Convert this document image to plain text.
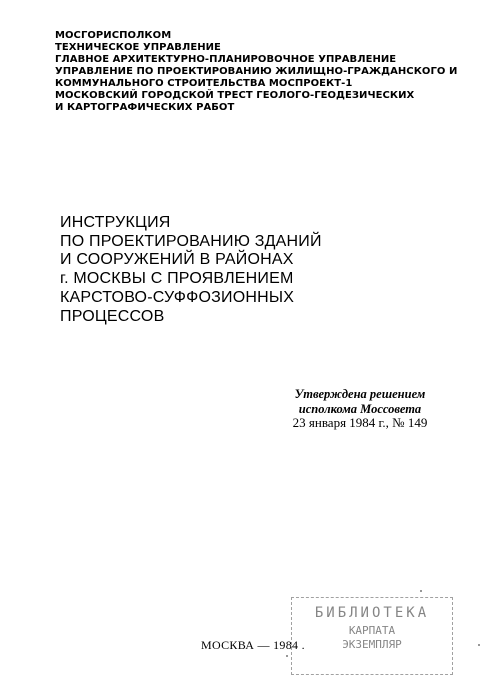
МОСГОРИСПОЛКОМ
ТЕХНИЧЕСКОЕ УПРАВЛЕНИЕ
ГЛАВНОЕ АРХИТЕКТУРНО-ПЛАНИРОВОЧНОЕ УПРАВЛЕНИЕ
УПРАВЛЕНИЕ ПО ПРОЕКТИРОВАНИЮ ЖИЛИЩНО-ГРАЖДАНСКОГО И
КОММУНАЛЬНОГО СТРОИТЕЛЬСТВА МОСПРОЕКТ-1
МОСКОВСКИЙ ГОРОДСКОЙ ТРЕСТ ГЕОЛОГО-ГЕОДЕЗИЧЕСКИХ
И КАРТОГРАФИЧЕСКИХ РАБОТ
ИНСТРУКЦИЯ
ПО ПРОЕКТИРОВАНИЮ ЗДАНИЙ
И СООРУЖЕНИЙ В РАЙОНАХ
г. МОСКВЫ С ПРОЯВЛЕНИЕМ
КАРСТОВО-СУФФОЗИОННЫХ
ПРОЦЕССОВ
Утверждена решением
исполкома Моссовета
23 января 1984 г., № 149
БИБЛИОТЕКА
КАРПАТА
ЭКЗЕМПЛЯР
МОСКВА — 1984 .
